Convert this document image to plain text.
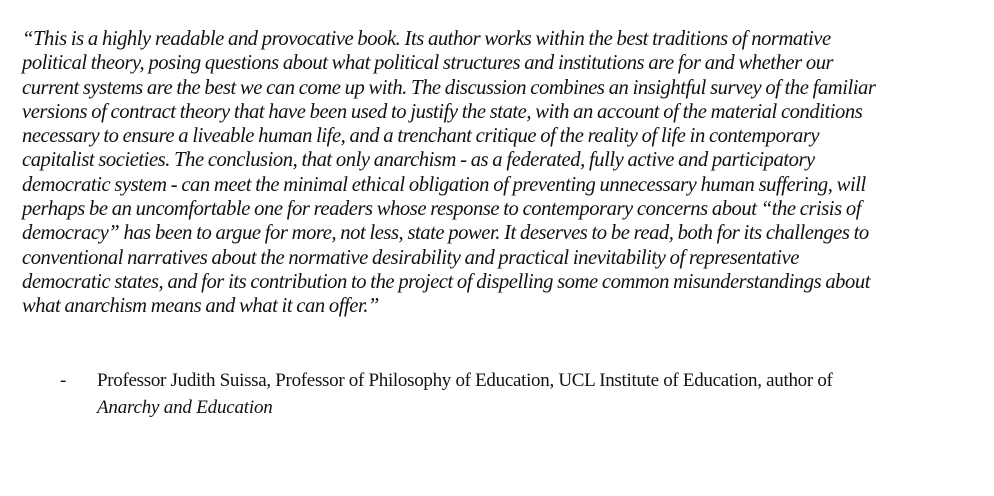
“This is a highly readable and provocative book. Its author works within the best traditions of normative
political theory, posing questions about what political structures and institutions are for and whether our
current systems are the best we can come up with. The discussion combines an insightful survey of the familiar
versions of contract theory that have been used to justify the state, with an account of the material conditions
necessary to ensure a liveable human life, and a trenchant critique of the reality of life in contemporary
capitalist societies. The conclusion, that only anarchism - as a federated, fully active and participatory
democratic system - can meet the minimal ethical obligation of preventing unnecessary human suffering, will
perhaps be an uncomfortable one for readers whose response to contemporary concerns about “the crisis of
democracy” has been to argue for more, not less, state power. It deserves to be read, both for its challenges to
conventional narratives about the normative desirability and practical inevitability of representative
democratic states, and for its contribution to the project of dispelling some common misunderstandings about
what anarchism means and what it can offer.”

- Professor Judith Suissa, Professor of Philosophy of Education, UCL Institute of Education, author of
Anarchy and Education
